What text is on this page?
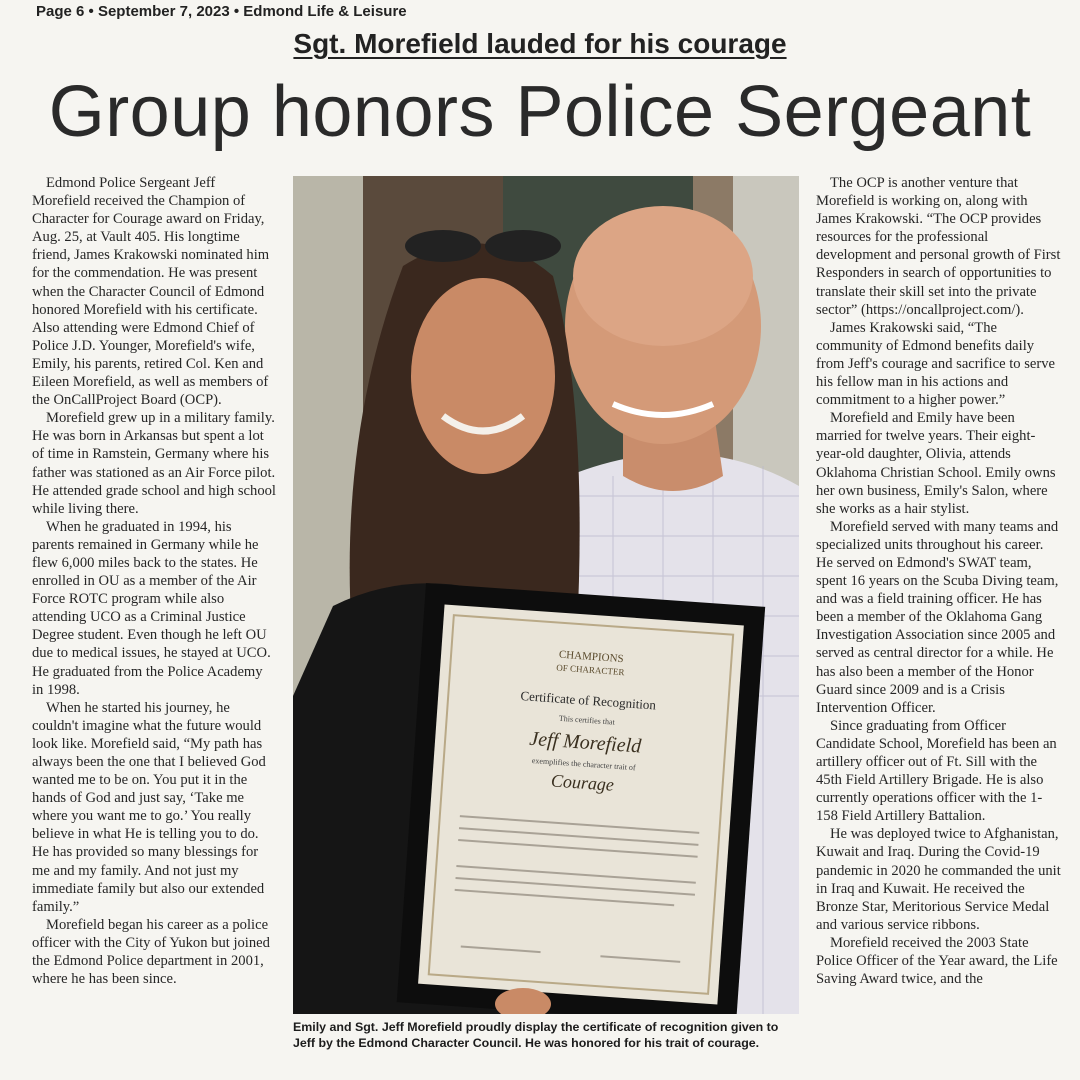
Page 6 • September 7, 2023 • Edmond Life & Leisure
Sgt. Morefield lauded for his courage
Group honors Police Sergeant

Edmond Police Sergeant Jeff Morefield received the Champion of Character for Courage award on Friday, Aug. 25, at Vault 405. His longtime friend, James Krakowski nominated him for the commendation. He was present when the Character Council of Edmond honored Morefield with his certificate. Also attending were Edmond Chief of Police J.D. Younger, Morefield's wife, Emily, his parents, retired Col. Ken and Eileen Morefield, as well as members of the OnCallProject Board (OCP).

Morefield grew up in a military family. He was born in Arkansas but spent a lot of time in Ramstein, Germany where his father was stationed as an Air Force pilot. He attended grade school and high school while living there.

When he graduated in 1994, his parents remained in Germany while he flew 6,000 miles back to the states. He enrolled in OU as a member of the Air Force ROTC program while also attending UCO as a Criminal Justice Degree student. Even though he left OU due to medical issues, he stayed at UCO. He graduated from the Police Academy in 1998.

When he started his journey, he couldn't imagine what the future would look like. Morefield said, “My path has always been the one that I believed God wanted me to be on. You put it in the hands of God and just say, ‘Take me where you want me to go.’ You really believe in what He is telling you to do. He has provided so many blessings for me and my family. And not just my immediate family but also our extended family.”

Morefield began his career as a police officer with the City of Yukon but joined the Edmond Police department in 2001, where he has been since.

CHAMPIONS
OF CHARACTER
Certificate of Recognition
This certifies that
Jeff Morefield
exemplifies the character trait of
Courage
Emily and Sgt. Jeff Morefield proudly display the certificate of recognition given to Jeff by the Edmond Character Council. He was honored for his trait of courage.

The OCP is another venture that Morefield is working on, along with James Krakowski. “The OCP provides resources for the professional development and personal growth of First Responders in search of opportunities to translate their skill set into the private sector” (https://oncallproject.com/).

James Krakowski said, “The community of Edmond benefits daily from Jeff's courage and sacrifice to serve his fellow man in his actions and commitment to a higher power.”

Morefield and Emily have been married for twelve years. Their eight-year-old daughter, Olivia, attends Oklahoma Christian School. Emily owns her own business, Emily's Salon, where she works as a hair stylist.

Morefield served with many teams and specialized units throughout his career. He served on Edmond's SWAT team, spent 16 years on the Scuba Diving team, and was a field training officer. He has been a member of the Oklahoma Gang Investigation Association since 2005 and served as central director for a while. He has also been a member of the Honor Guard since 2009 and is a Crisis Intervention Officer.

Since graduating from Officer Candidate School, Morefield has been an artillery officer out of Ft. Sill with the 45th Field Artillery Brigade. He is also currently operations officer with the 1-158 Field Artillery Battalion.

He was deployed twice to Afghanistan, Kuwait and Iraq. During the Covid-19 pandemic in 2020 he commanded the unit in Iraq and Kuwait. He received the Bronze Star, Meritorious Service Medal and various service ribbons.

Morefield received the 2003 State Police Officer of the Year award, the Life Saving Award twice, and the
